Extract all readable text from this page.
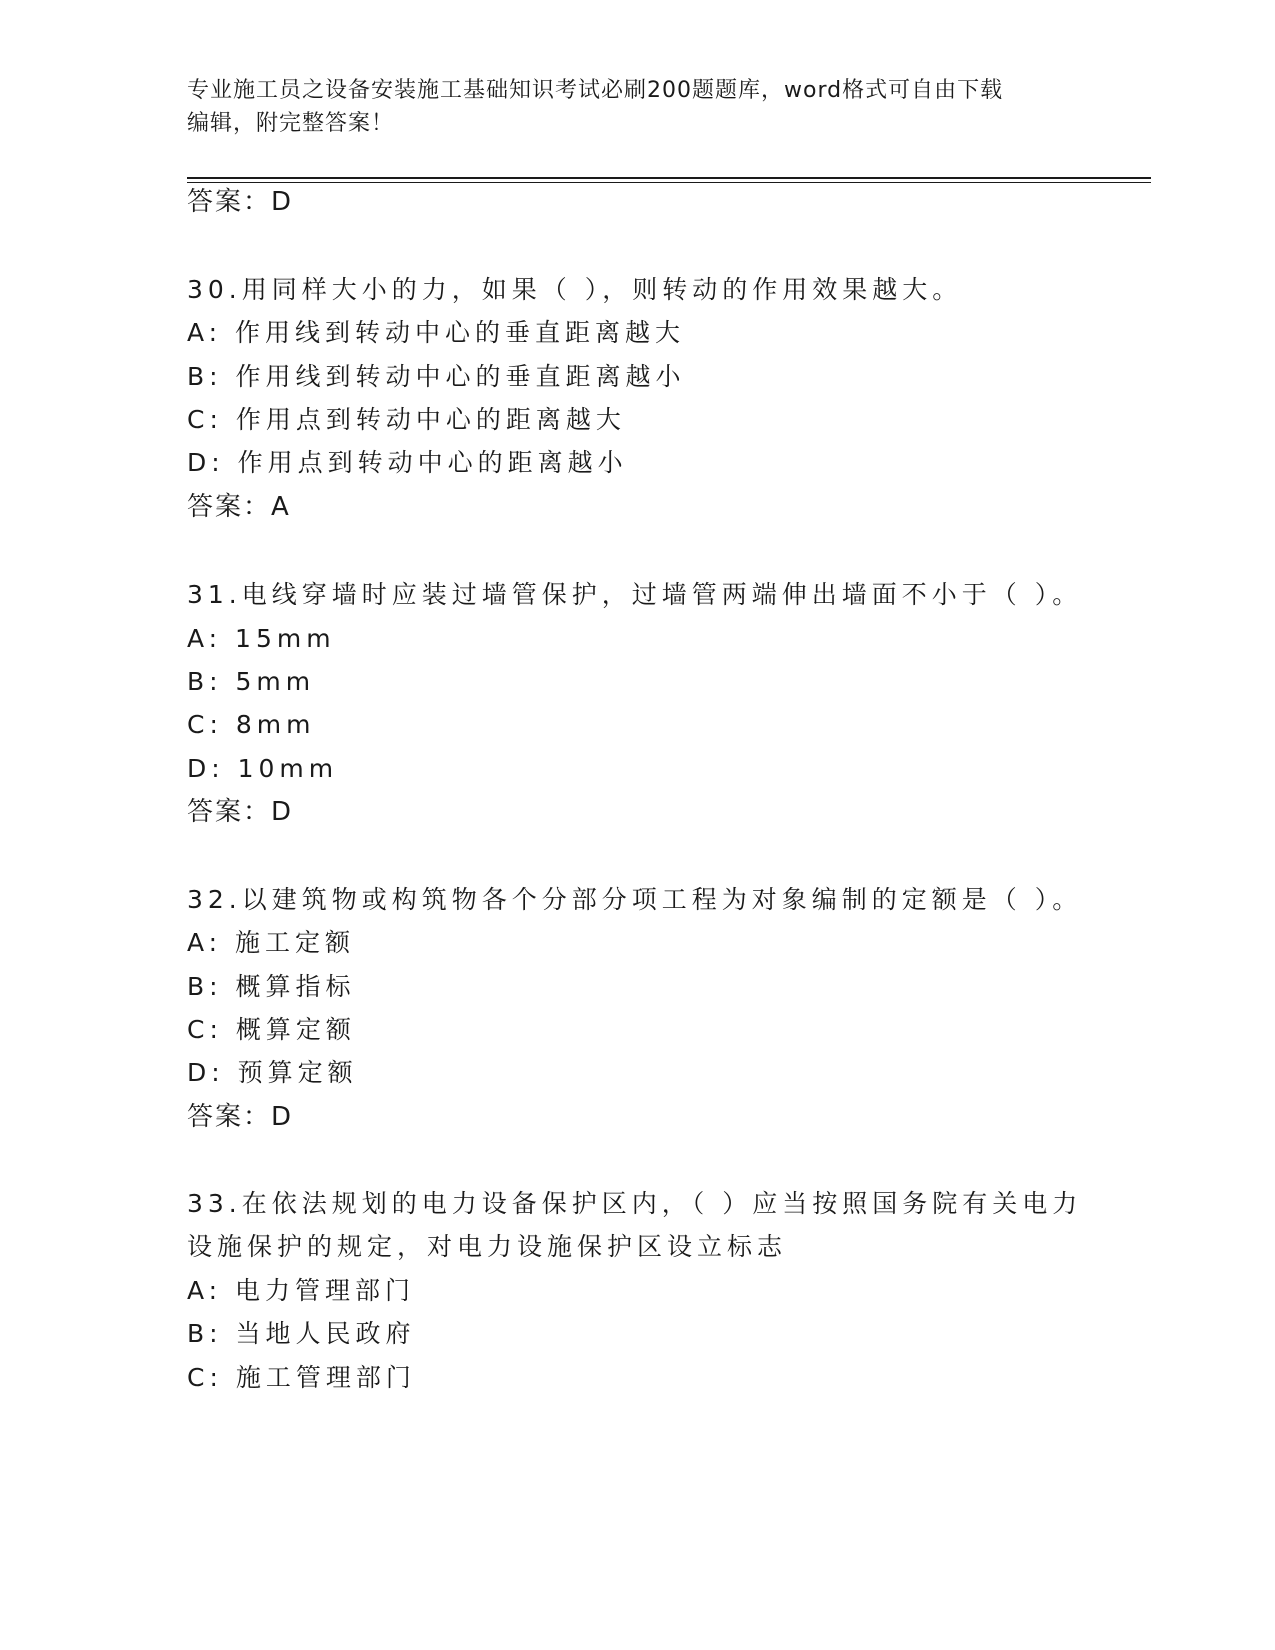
专业施工员之设备安装施工基础知识考试必刷200题题库，word格式可自由下载
编辑，附完整答案！
答案：D
30.用同样大小的力，如果（ ），则转动的作用效果越大。
A: 作用线到转动中心的垂直距离越大
B: 作用线到转动中心的垂直距离越小
C: 作用点到转动中心的距离越大
D: 作用点到转动中心的距离越小
答案：A
31.电线穿墙时应装过墙管保护，过墙管两端伸出墙面不小于（ ）。
A: 15mm
B: 5mm
C: 8mm
D: 10mm
答案：D
32.以建筑物或构筑物各个分部分项工程为对象编制的定额是（ ）。
A: 施工定额
B: 概算指标
C: 概算定额
D: 预算定额
答案：D
33.在依法规划的电力设备保护区内，（ ）应当按照国务院有关电力
设施保护的规定，对电力设施保护区设立标志
A: 电力管理部门
B: 当地人民政府
C: 施工管理部门
